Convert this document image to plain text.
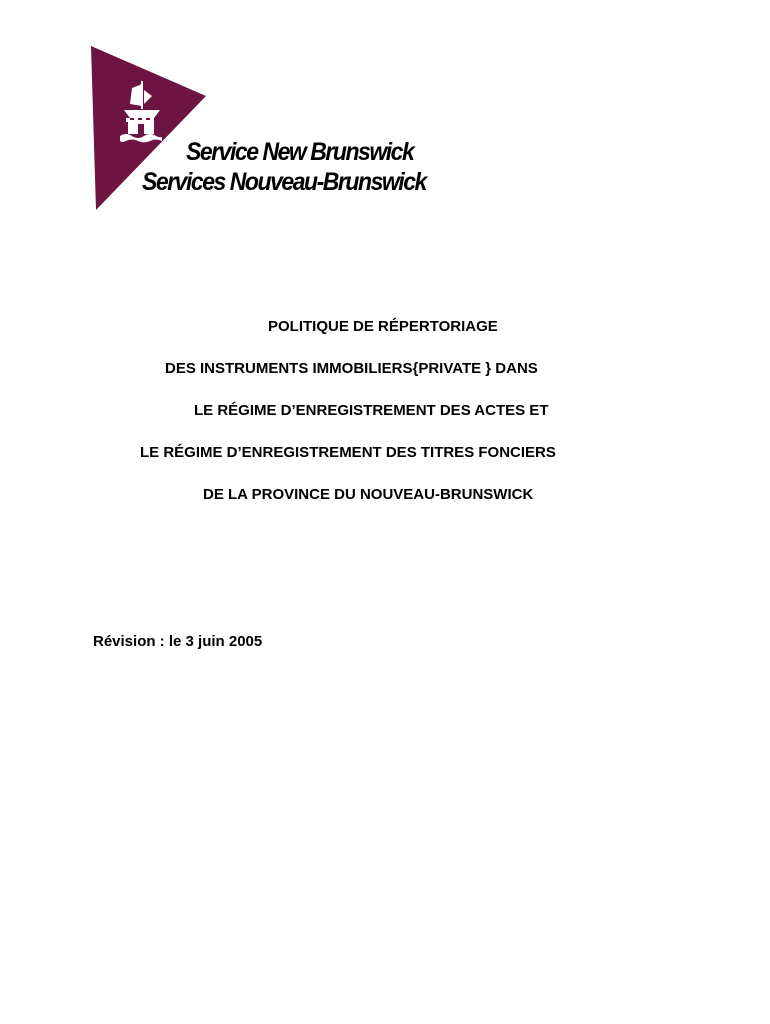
Service New Brunswick
Services Nouveau-Brunswick
POLITIQUE DE RÉPERTORIAGE
DES INSTRUMENTS IMMOBILIERS{PRIVATE } DANS
LE RÉGIME D’ENREGISTREMENT DES ACTES ET
LE RÉGIME D’ENREGISTREMENT DES TITRES FONCIERS
DE LA PROVINCE DU NOUVEAU-BRUNSWICK
Révision : le 3 juin 2005
